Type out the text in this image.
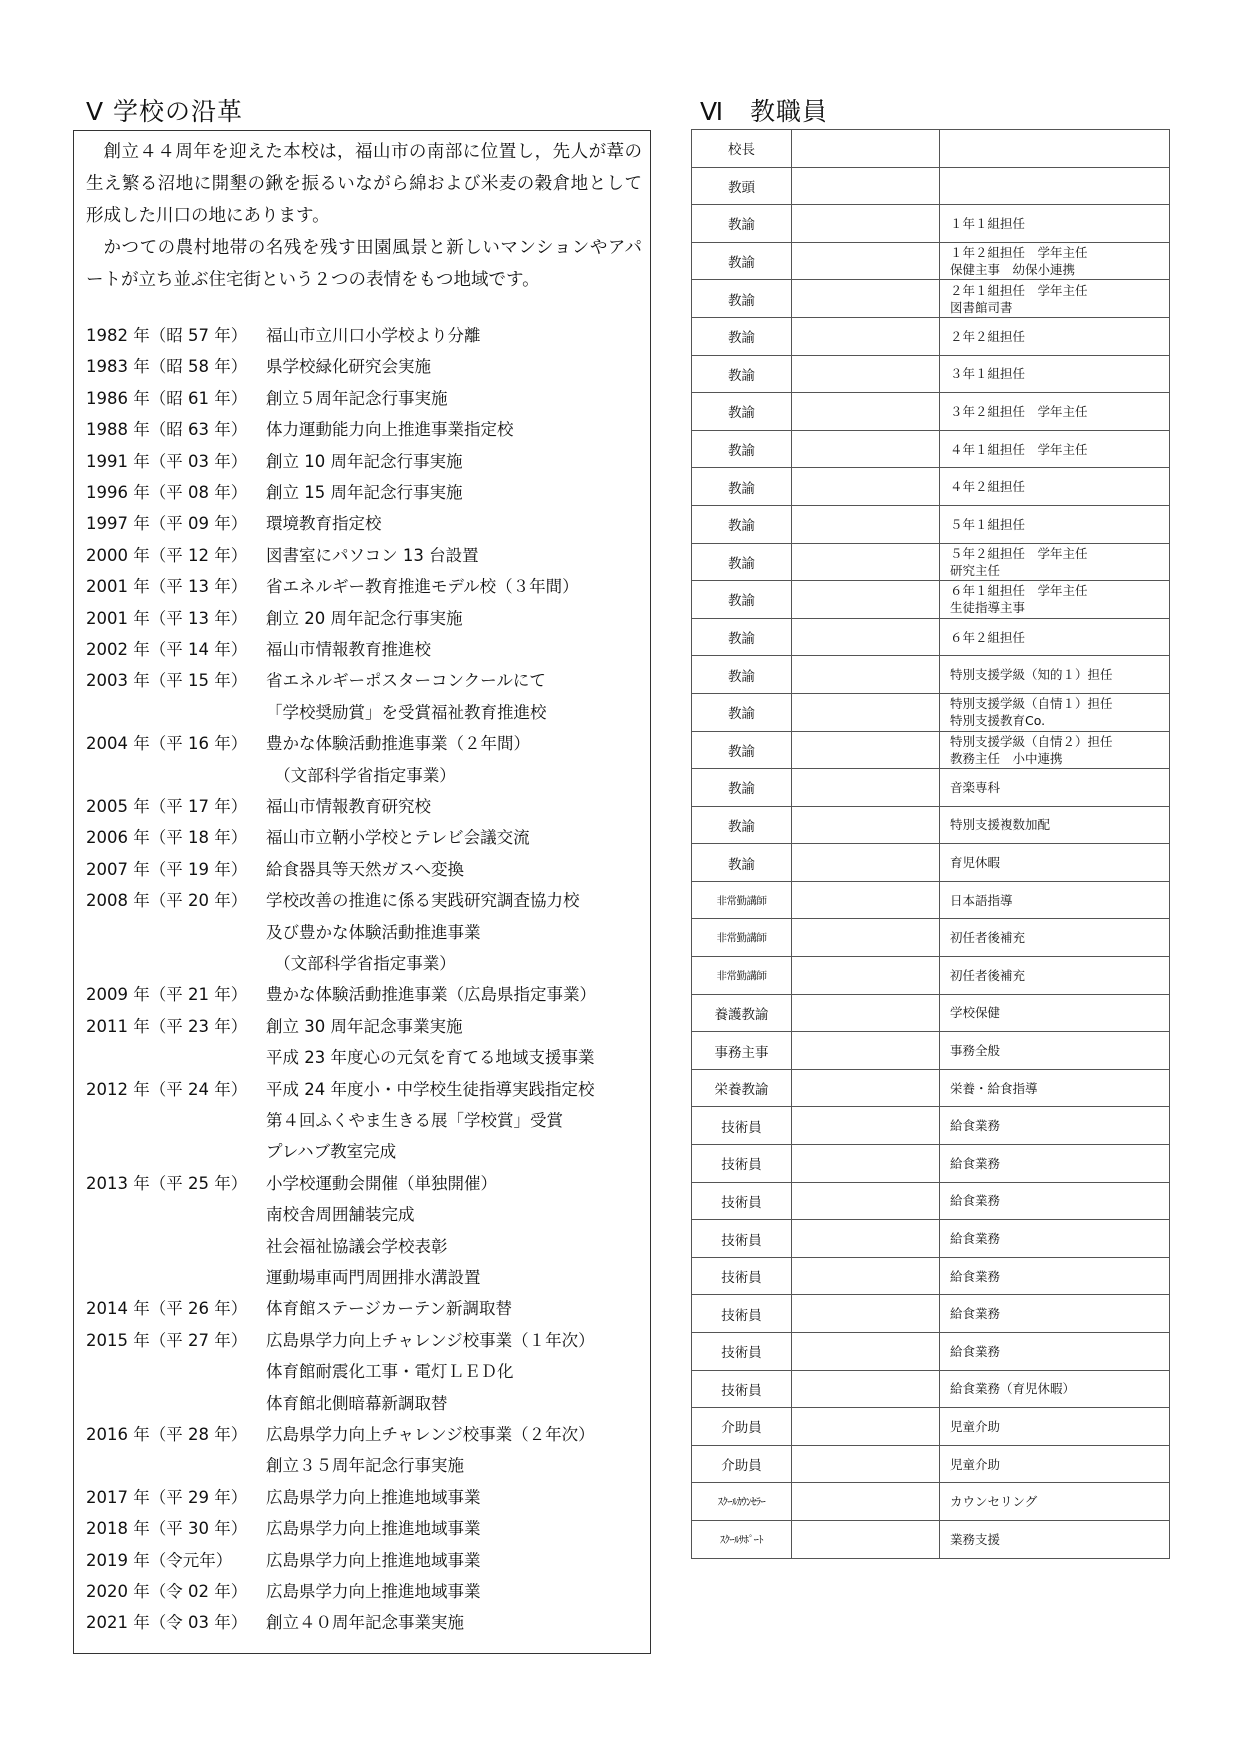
Ⅴ 学校の沿革	Ⅵ　教職員

創立４４周年を迎えた本校は，福山市の南部に位置し，先人が葦の生え繁る沼地に開墾の鍬を振るいながら綿および米麦の穀倉地として形成した川口の地にあります。

かつての農村地帯の名残を残す田園風景と新しいマンションやアパートが立ち並ぶ住宅街という２つの表情をもつ地域です。

1982 年（昭 57 年）	福山市立川口小学校より分離
1983 年（昭 58 年）	県学校緑化研究会実施
1986 年（昭 61 年）	創立５周年記念行事実施
1988 年（昭 63 年）	体力運動能力向上推進事業指定校
1991 年（平 03 年）	創立 10 周年記念行事実施
1996 年（平 08 年）	創立 15 周年記念行事実施
1997 年（平 09 年）	環境教育指定校
2000 年（平 12 年）	図書室にパソコン 13 台設置
2001 年（平 13 年）	省エネルギー教育推進モデル校（３年間）
2001 年（平 13 年）	創立 20 周年記念行事実施
2002 年（平 14 年）	福山市情報教育推進校
2003 年（平 15 年）	省エネルギーポスターコンクールにて
「学校奨励賞」を受賞福祉教育推進校
2004 年（平 16 年）	豊かな体験活動推進事業（２年間）
　（文部科学省指定事業）
2005 年（平 17 年）	福山市情報教育研究校
2006 年（平 18 年）	福山市立鞆小学校とテレビ会議交流
2007 年（平 19 年）	給食器具等天然ガスへ変換
2008 年（平 20 年）	学校改善の推進に係る実践研究調査協力校
及び豊かな体験活動推進事業
　（文部科学省指定事業）
2009 年（平 21 年）	豊かな体験活動推進事業（広島県指定事業）
2011 年（平 23 年）	創立 30 周年記念事業実施
平成 23 年度心の元気を育てる地域支援事業
2012 年（平 24 年）	平成 24 年度小・中学校生徒指導実践指定校
第４回ふくやま生きる展「学校賞」受賞
プレハブ教室完成
2013 年（平 25 年）	小学校運動会開催（単独開催）
南校舎周囲舗装完成
社会福祉協議会学校表彰
運動場車両門周囲排水溝設置
2014 年（平 26 年）	体育館ステージカーテン新調取替
2015 年（平 27 年）	広島県学力向上チャレンジ校事業（１年次）
体育館耐震化工事・電灯ＬＥＤ化
体育館北側暗幕新調取替
2016 年（平 28 年）	広島県学力向上チャレンジ校事業（２年次）
創立３５周年記念行事実施
2017 年（平 29 年）	広島県学力向上推進地域事業
2018 年（平 30 年）	広島県学力向上推進地域事業
2019 年（令元年）	広島県学力向上推進地域事業
2020 年（令 02 年）	広島県学力向上推進地域事業
2021 年（令 03 年）	創立４０周年記念事業実施
校長		
教頭		
教諭		１年１組担任
教諭		１年２組担任　学年主任
保健主事　幼保小連携
教諭		２年１組担任　学年主任
図書館司書
教諭		２年２組担任
教諭		３年１組担任
教諭		３年２組担任　学年主任
教諭		４年１組担任　学年主任
教諭		４年２組担任
教諭		５年１組担任
教諭		５年２組担任　学年主任
研究主任
教諭		６年１組担任　学年主任
生徒指導主事
教諭		６年２組担任
教諭		特別支援学級（知的１）担任
教諭		特別支援学級（自情１）担任
特別支援教育Co.
教諭		特別支援学級（自情２）担任
教務主任　小中連携
教諭		音楽専科
教諭		特別支援複数加配
教諭		育児休暇
非常勤講師		日本語指導
非常勤講師		初任者後補充
非常勤講師		初任者後補充
養護教諭		学校保健
事務主事		事務全般
栄養教諭		栄養・給食指導
技術員		給食業務
技術員		給食業務
技術員		給食業務
技術員		給食業務
技術員		給食業務
技術員		給食業務
技術員		給食業務
技術員		給食業務（育児休暇）
介助員		児童介助
介助員		児童介助
ｽｸｰﾙｶｳﾝｾﾗｰ		カウンセリング
ｽｸｰﾙｻﾎﾟｰﾄ		業務支援
